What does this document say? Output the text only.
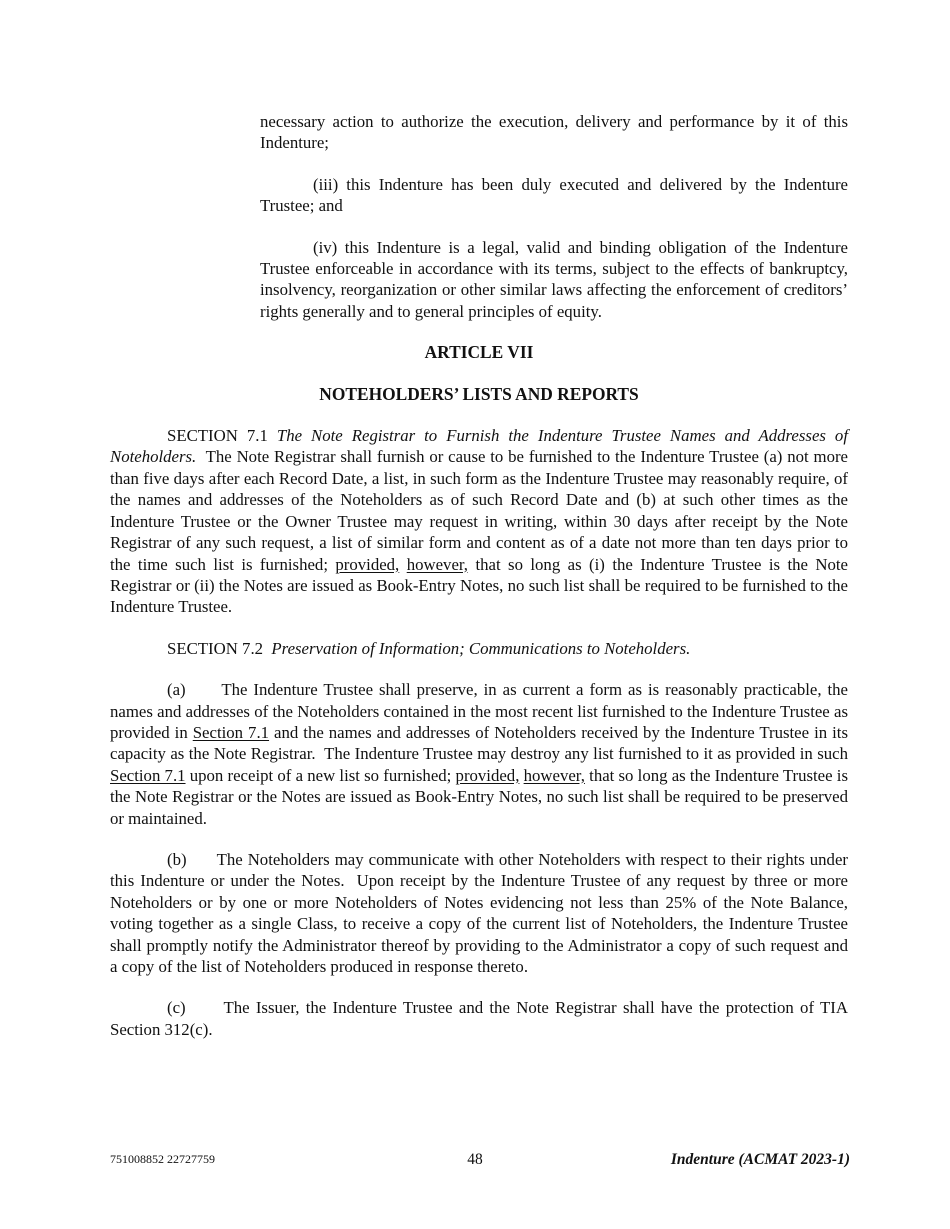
necessary action to authorize the execution, delivery and performance by it of this Indenture;

(iii) this Indenture has been duly executed and delivered by the Indenture Trustee; and

(iv) this Indenture is a legal, valid and binding obligation of the Indenture Trustee enforceable in accordance with its terms, subject to the effects of bankruptcy, insolvency, reorganization or other similar laws affecting the enforcement of creditors’ rights generally and to general principles of equity.

ARTICLE VII

NOTEHOLDERS’ LISTS AND REPORTS

SECTION 7.1 The Note Registrar to Furnish the Indenture Trustee Names and Addresses of Noteholders.  The Note Registrar shall furnish or cause to be furnished to the Indenture Trustee (a) not more than five days after each Record Date, a list, in such form as the Indenture Trustee may reasonably require, of the names and addresses of the Noteholders as of such Record Date and (b) at such other times as the Indenture Trustee or the Owner Trustee may request in writing, within 30 days after receipt by the Note Registrar of any such request, a list of similar form and content as of a date not more than ten days prior to the time such list is furnished; provided, however, that so long as (i) the Indenture Trustee is the Note Registrar or (ii) the Notes are issued as Book-Entry Notes, no such list shall be required to be furnished to the Indenture Trustee.

SECTION 7.2  Preservation of Information; Communications to Noteholders.

(a)      The Indenture Trustee shall preserve, in as current a form as is reasonably practicable, the names and addresses of the Noteholders contained in the most recent list furnished to the Indenture Trustee as provided in Section 7.1 and the names and addresses of Noteholders received by the Indenture Trustee in its capacity as the Note Registrar.  The Indenture Trustee may destroy any list furnished to it as provided in such Section 7.1 upon receipt of a new list so furnished; provided, however, that so long as the Indenture Trustee is the Note Registrar or the Notes are issued as Book-Entry Notes, no such list shall be required to be preserved or maintained.

(b)      The Noteholders may communicate with other Noteholders with respect to their rights under this Indenture or under the Notes.  Upon receipt by the Indenture Trustee of any request by three or more Noteholders or by one or more Noteholders of Notes evidencing not less than 25% of the Note Balance, voting together as a single Class, to receive a copy of the current list of Noteholders, the Indenture Trustee shall promptly notify the Administrator thereof by providing to the Administrator a copy of such request and a copy of the list of Noteholders produced in response thereto.

(c)      The Issuer, the Indenture Trustee and the Note Registrar shall have the protection of TIA Section 312(c).

751008852 22727759	48	Indenture (ACMAT 2023-1)
